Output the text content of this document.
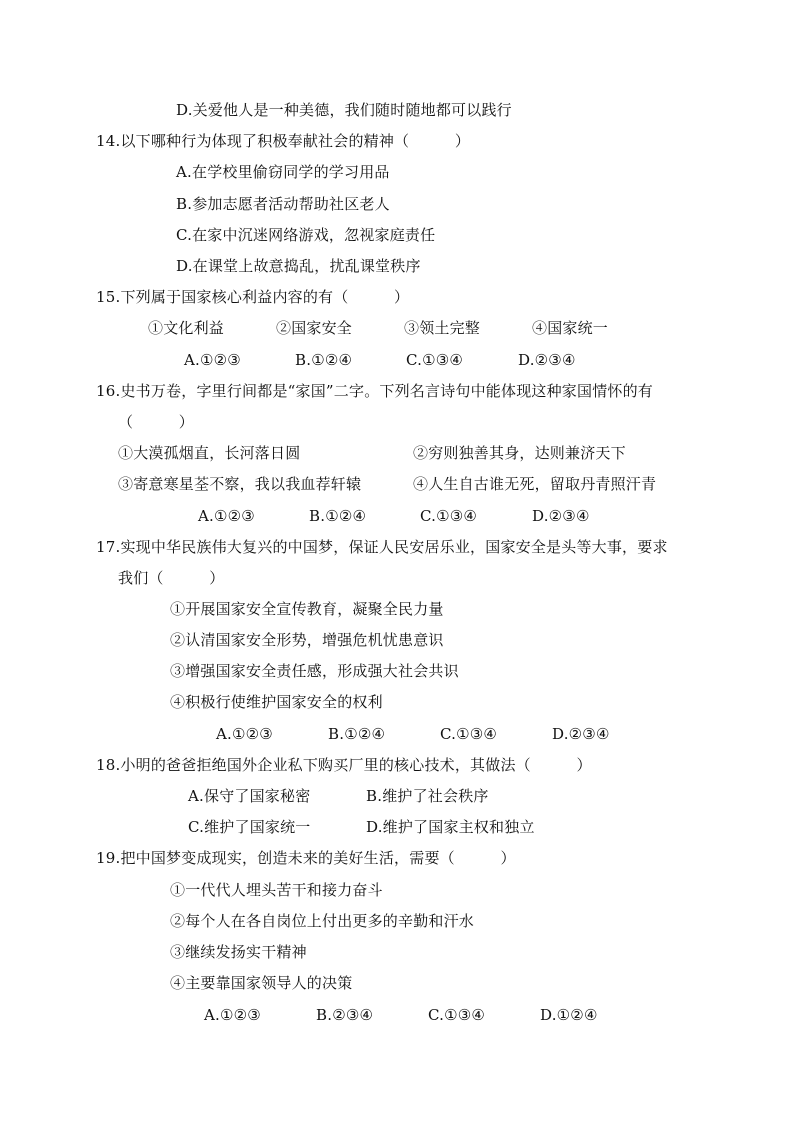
D.关爱他人是一种美德，我们随时随地都可以践行
14.以下哪种行为体现了积极奉献社会的精神（　　　）
A.在学校里偷窃同学的学习用品
B.参加志愿者活动帮助社区老人
C.在家中沉迷网络游戏，忽视家庭责任
D.在课堂上故意捣乱，扰乱课堂秩序
15.下列属于国家核心利益内容的有（　　　）
①文化利益	②国家安全	③领土完整	④国家统一
A.①②③	B.①②④	C.①③④	D.②③④
16.史书万卷，字里行间都是“家国”二字。下列名言诗句中能体现这种家国情怀的有
（　　　）
①大漠孤烟直，长河落日圆	②穷则独善其身，达则兼济天下
③寄意寒星荃不察，我以我血荐轩辕	④人生自古谁无死，留取丹青照汗青
A.①②③	B.①②④	C.①③④	D.②③④
17.实现中华民族伟大复兴的中国梦，保证人民安居乐业，国家安全是头等大事，要求
我们（　　　）
①开展国家安全宣传教育，凝聚全民力量
②认清国家安全形势，增强危机忧患意识
③增强国家安全责任感，形成强大社会共识
④积极行使维护国家安全的权利
A.①②③	B.①②④	C.①③④	D.②③④
18.小明的爸爸拒绝国外企业私下购买厂里的核心技术，其做法（　　　）
A.保守了国家秘密	B.维护了社会秩序
C.维护了国家统一	D.维护了国家主权和独立
19.把中国梦变成现实，创造未来的美好生活，需要（　　　）
①一代代人埋头苦干和接力奋斗
②每个人在各自岗位上付出更多的辛勤和汗水
③继续发扬实干精神
④主要靠国家领导人的决策
A.①②③	B.②③④	C.①③④	D.①②④
